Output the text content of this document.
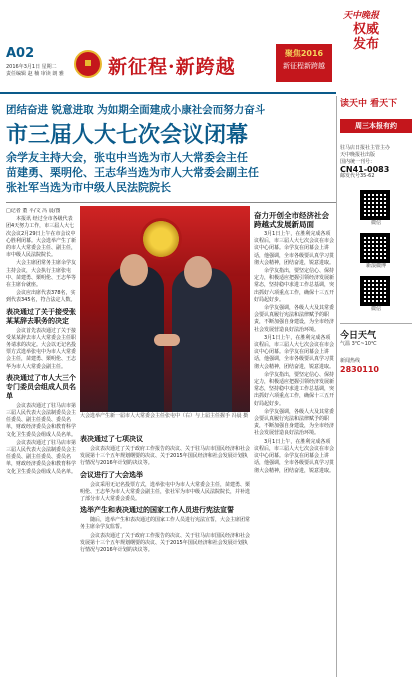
A02
2016年3月1日 星期二
责任编辑 赵 楠 审读 朗 雅	新征程·新跨越
聚焦2016
新征程新跨越
天中晚报
权威
发布
团结奋进 锐意进取 为如期全面建成小康社会而努力奋斗
市三届人大七次会议闭幕
余学友主持大会，张屯中当选为市人大常委会主任
苗建勇、栗明伦、王志华当选为市人大常委会副主任
张社军当选为市中级人民法院院长

□记者 董 平/文 冯 晨/图

本报讯 经过全市各级代表团4天努力工作，市三届人大七次会议2月29日上午在市会议中心胜利闭幕。大会选举产生了新的市人大常委会主任、副主任，市中级人民法院院长。

大会主席团常务主席余学友主持会议，大会执行主席张屯中、苗建勇、栗明伦、王志华等在主席台就座。

会议应出席代表378名，实到代表345名，符合法定人数。

表决通过了关于接受张某某辞去职务的决定

会议首先表决通过了关于接受某某辞去市人大常委会主任职务请求的决定。大会以无记名投票方式选举张屯中为市人大常委会主任，苗建勇、栗明伦、王志华为市人大常委会副主任。

表决通过了市人大三个专门委员会组成人员名单

会议表决通过了驻马店市第三届人民代表大会法制委员会主任委员、副主任委员、委员名单，财政经济委员会和教育科学文化卫生委员会组成人员名单。

会议表决通过了驻马店市第三届人民代表大会法制委员会主任委员、副主任委员、委员名单，财政经济委员会和教育科学文化卫生委员会组成人员名单。

大会选举产生新一届市人大常委会主任张屯中（右）与上届主任握手 冯晨 摄
表决通过了七项决议

会议表决通过了关于政府工作报告的决议、关于驻马店市国民经济和社会发展第十三个五年规划纲要的决议、关于2015年国民经济和社会发展计划执行情况与2016年计划的决议等。

会议进行了大会选举

会议采用无记名投票方式，选举张屯中为市人大常委会主任，苗建勇、栗明伦、王志华为市人大常委会副主任，张社军为市中级人民法院院长，并补选了部分市人大常委会委员。

选举产生和表决通过的国家工作人员进行宪法宣誓

随后，选举产生和表决通过的国家工作人员进行宪法宣誓，大会主席团常务主席余学友监誓。

会议表决通过了关于政府工作报告的决议、关于驻马店市国民经济和社会发展第十三个五年规划纲要的决议、关于2015年国民经济和社会发展计划执行情况与2016年计划的决议等。

奋力开创全市经济社会跨越式发展新局面

3月1日上午，在胜利完成各项议程后，市三届人大七次会议在市会议中心闭幕。余学友在闭幕会上讲话，他强调，全市各级要认真学习贯彻大会精神，团结奋进，锐意进取。

余学友指出，要坚定信心、保持定力，积极适应把握引领经济发展新常态，坚持稳中求进工作总基调，突出抓好六项重点工作，确保十三五开好局起好步。

余学友强调，各级人大及其常委会要认真履行宪法和法律赋予的职责，不断加强自身建设，为全市经济社会发展营造良好法治环境。

3月1日上午，在胜利完成各项议程后，市三届人大七次会议在市会议中心闭幕。余学友在闭幕会上讲话，他强调，全市各级要认真学习贯彻大会精神，团结奋进，锐意进取。

余学友指出，要坚定信心、保持定力，积极适应把握引领经济发展新常态，坚持稳中求进工作总基调，突出抓好六项重点工作，确保十三五开好局起好步。

余学友强调，各级人大及其常委会要认真履行宪法和法律赋予的职责，不断加强自身建设，为全市经济社会发展营造良好法治环境。

3月1日上午，在胜利完成各项议程后，市三届人大七次会议在市会议中心闭幕。余学友在闭幕会上讲话，他强调，全市各级要认真学习贯彻大会精神，团结奋进，锐意进取。

读天中 看天下
周三本报有约
驻马店日报社主管主办
天中晚报社出版
国内统一刊号：
CN41-0083
邮发代号35-62
微信
新浪微博
微信
今日天气
气温 3℃~10℃
新闻热线
2830110
